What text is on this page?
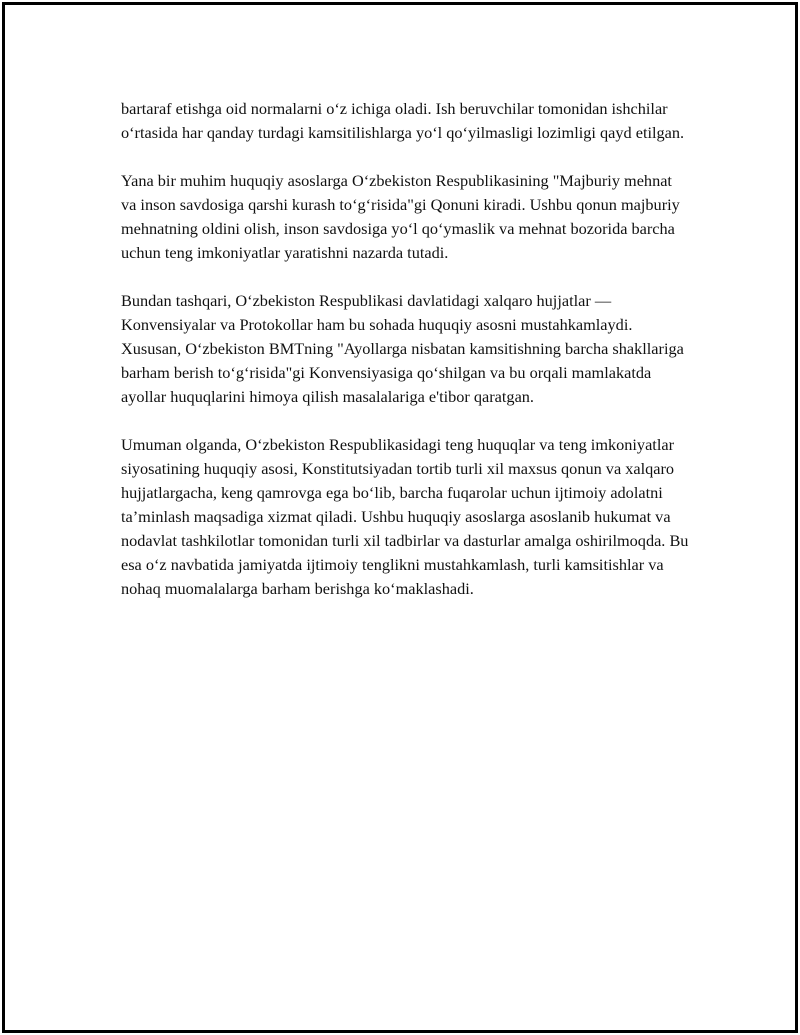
bartaraf etishga oid normalarni o‘z ichiga oladi. Ish beruvchilar tomonidan ishchilar o‘rtasida har qanday turdagi kamsitilishlarga yo‘l qo‘yilmasligi lozimligi qayd etilgan.

Yana bir muhim huquqiy asoslarga O‘zbekiston Respublikasining "Majburiy mehnat va inson savdosiga qarshi kurash to‘g‘risida"gi Qonuni kiradi. Ushbu qonun majburiy mehnatning oldini olish, inson savdosiga yo‘l qo‘ymaslik va mehnat bozorida barcha uchun teng imkoniyatlar yaratishni nazarda tutadi.

Bundan tashqari, O‘zbekiston Respublikasi davlatidagi xalqaro hujjatlar — Konvensiyalar va Protokollar ham bu sohada huquqiy asosni mustahkamlaydi. Xususan, O‘zbekiston BMTning "Ayollarga nisbatan kamsitishning barcha shakllariga barham berish to‘g‘risida"gi Konvensiyasiga qo‘shilgan va bu orqali mamlakatda ayollar huquqlarini himoya qilish masalalariga e'tibor qaratgan.

Umuman olganda, O‘zbekiston Respublikasidagi teng huquqlar va teng imkoniyatlar siyosatining huquqiy asosi, Konstitutsiyadan tortib turli xil maxsus qonun va xalqaro hujjatlargacha, keng qamrovga ega bo‘lib, barcha fuqarolar uchun ijtimoiy adolatni ta’minlash maqsadiga xizmat qiladi. Ushbu huquqiy asoslarga asoslanib hukumat va nodavlat tashkilotlar tomonidan turli xil tadbirlar va dasturlar amalga oshirilmoqda. Bu esa o‘z navbatida jamiyatda ijtimoiy tenglikni mustahkamlash, turli kamsitishlar va nohaq muomalalarga barham berishga ko‘maklashadi.
